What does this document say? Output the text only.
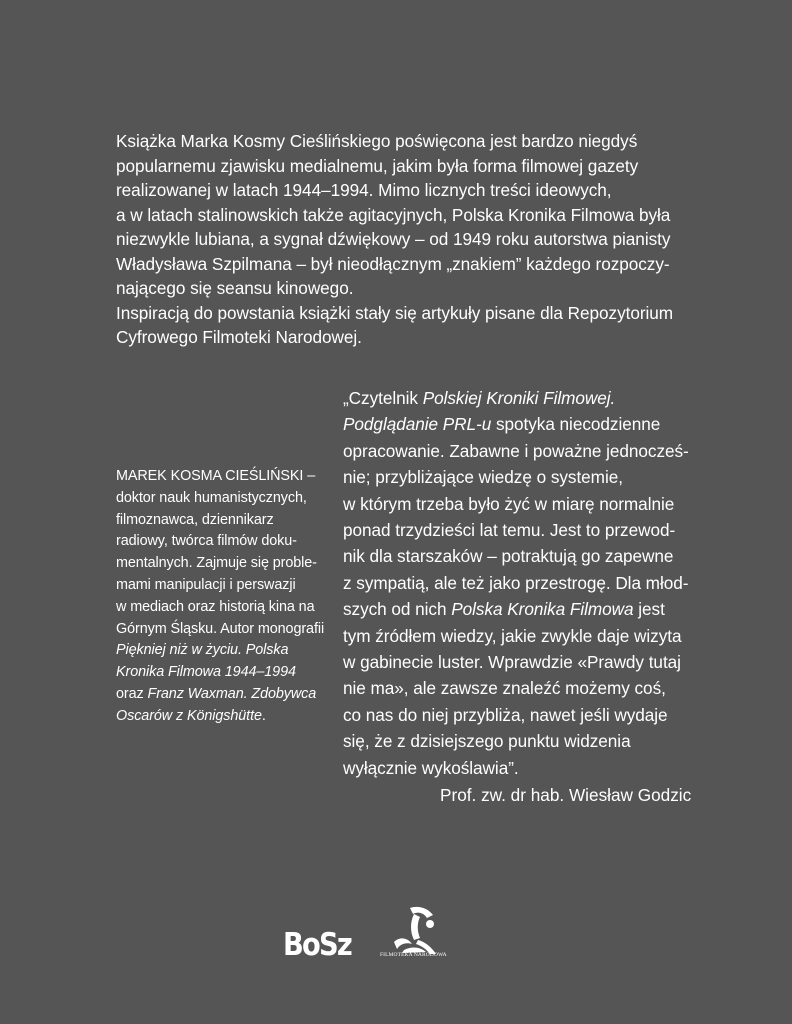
Książka Marka Kosmy Cieślińskiego poświęcona jest bardzo niegdyś

popularnemu zjawisku medialnemu, jakim była forma filmowej gazety

realizowanej w latach 1944–1994. Mimo licznych treści ideowych,

a w latach stalinowskich także agitacyjnych, Polska Kronika Filmowa była

niezwykle lubiana, a sygnał dźwiękowy – od 1949 roku autorstwa pianisty

Władysława Szpilmana – był nieodłącznym „znakiem” każdego rozpoczy-

nającego się seansu kinowego.

Inspiracją do powstania książki stały się artykuły pisane dla Repozytorium

Cyfrowego Filmoteki Narodowej.

MAREK KOSMA CIEŚLIŃSKI –

doktor nauk humanistycznych,

filmoznawca, dziennikarz

radiowy, twórca filmów doku-

mentalnych. Zajmuje się proble-

mami manipulacji i perswazji

w mediach oraz historią kina na

Górnym Śląsku. Autor monografii

Piękniej niż w życiu. Polska

Kronika Filmowa 1944–1994

oraz Franz Waxman. Zdobywca

Oscarów z Königshütte.

„Czytelnik Polskiej Kroniki Filmowej.

Podglądanie PRL-u spotyka niecodzienne

opracowanie. Zabawne i poważne jednocześ-

nie; przybliżające wiedzę o systemie,

w którym trzeba było żyć w miarę normalnie

ponad trzydzieści lat temu. Jest to przewod-

nik dla starszaków – potraktują go zapewne

z sympatią, ale też jako przestrogę. Dla młod-

szych od nich Polska Kronika Filmowa jest

tym źródłem wiedzy, jakie zwykle daje wizyta

w gabinecie luster. Wprawdzie «Prawdy tutaj

nie ma», ale zawsze znaleźć możemy coś,

co nas do niej przybliża, nawet jeśli wydaje

się, że z dzisiejszego punktu widzenia

wyłącznie wykoślawia”.

Prof. zw. dr hab. Wiesław Godzic
BoSz	FILMOTEKA NARODOWA
